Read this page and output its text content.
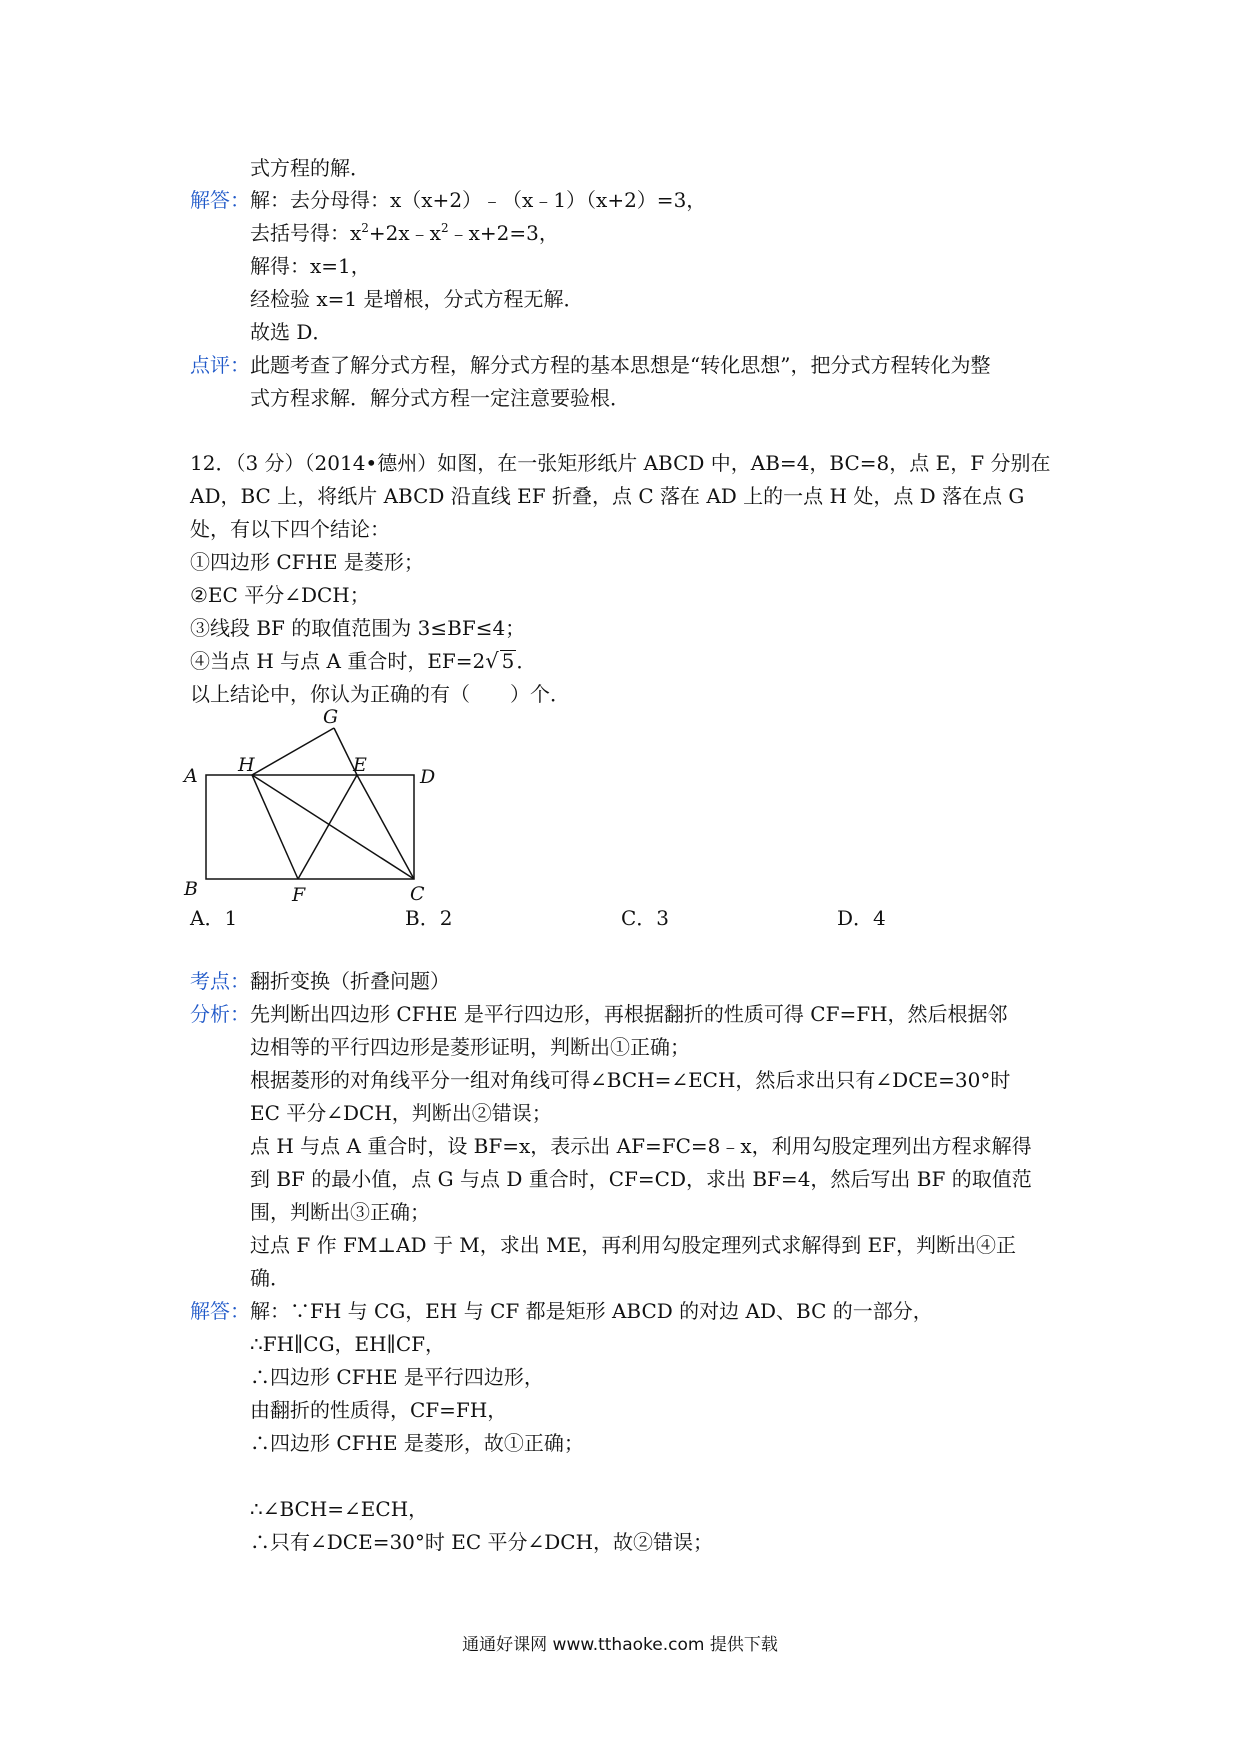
式方程的解．
解答： 解：去分母得：x（x+2）﹣（x﹣1）（x+2）=3，
去括号得：$x^2+2x﹣x^2﹣x+2=3$，
解得：x=1，
经检验 x=1 是增根，分式方程无解．
故选 D．
点评： 此题考查了解分式方程，解分式方程的基本思想是“转化思想”，把分式方程转化为整
式方程求解．解分式方程一定注意要验根．
12．（3 分）（2014•德州）如图，在一张矩形纸片 ABCD 中，AB=4，BC=8，点 E，F 分别在
AD，BC 上，将纸片 ABCD 沿直线 EF 折叠，点 C 落在 AD 上的一点 H 处，点 D 落在点 G
处，有以下四个结论：
①四边形 CFHE 是菱形；
②EC 平分∠DCH；
③线段 BF 的取值范围为 3≤BF≤4；
④当点 H 与点 A 重合时，EF=2√ 5 ．
以上结论中，你认为正确的有（　　）个．
A
B	C
D
E
F
G
H
A．1	B．2	C．3	D．4
考点： 翻折变换（折叠问题）
分析： 先判断出四边形 CFHE 是平行四边形，再根据翻折的性质可得 CF=FH，然后根据邻
边相等的平行四边形是菱形证明，判断出①正确；
根据菱形的对角线平分一组对角线可得∠BCH=∠ECH，然后求出只有∠DCE=30°时
EC 平分∠DCH，判断出②错误；
点 H 与点 A 重合时，设 BF=x，表示出 AF=FC=8﹣x，利用勾股定理列出方程求解得
到 BF 的最小值，点 G 与点 D 重合时，CF=CD，求出 BF=4，然后写出 BF 的取值范
围，判断出③正确；
过点 F 作 FM⊥AD 于 M，求出 ME，再利用勾股定理列式求解得到 EF，判断出④正
确．
解答： 解：∵FH 与 CG，EH 与 CF 都是矩形 ABCD 的对边 AD、BC 的一部分，
∴FH∥CG，EH∥CF，
∴四边形 CFHE 是平行四边形，
由翻折的性质得，CF=FH，
∴四边形 CFHE 是菱形，故①正确；
∴∠BCH=∠ECH，
∴只有∠DCE=30°时 EC 平分∠DCH，故②错误；
通通好课网 www.tthaoke.com 提供下载
